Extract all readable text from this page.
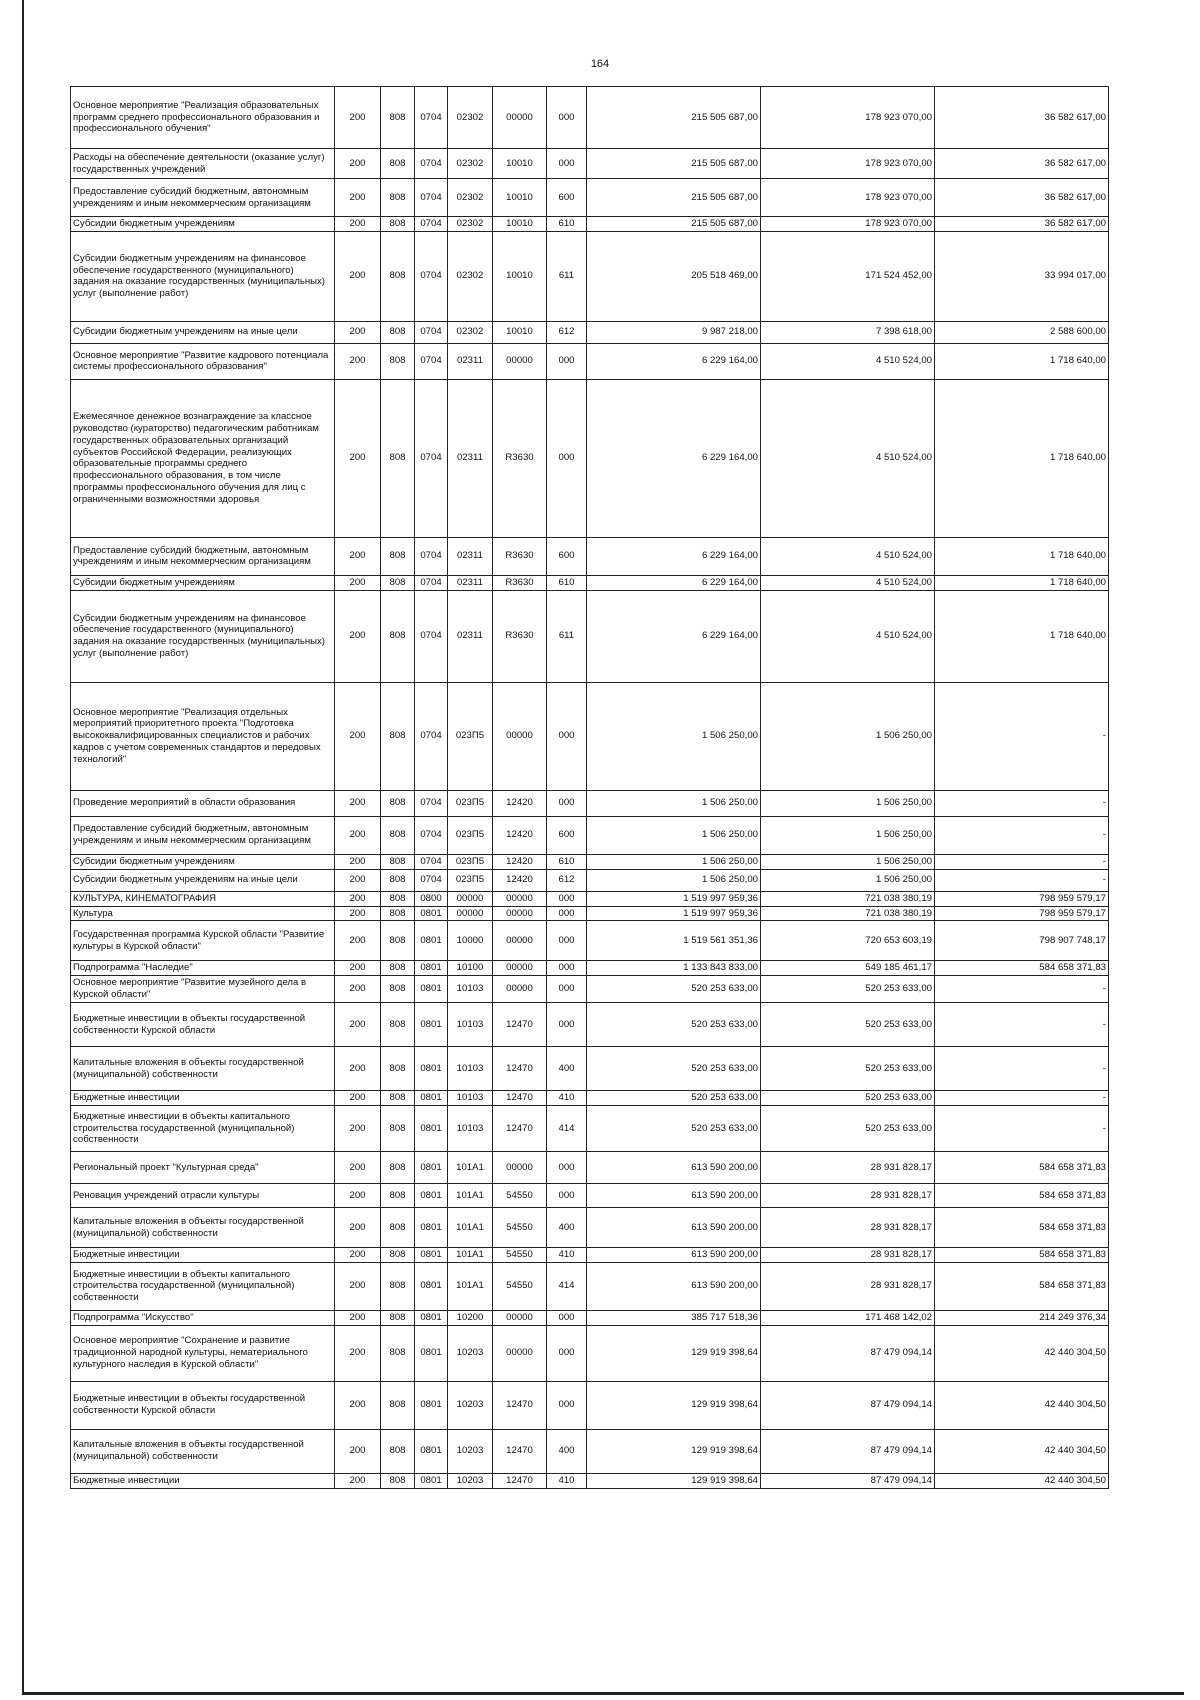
164
Основное мероприятие "Реализация образовательных программ среднего профессионального образования и профессионального обучения"	200	808	0704	02302	00000	000	215 505 687,00	178 923 070,00	36 582 617,00
Расходы на обеспечение деятельности (оказание услуг) государственных учреждений	200	808	0704	02302	10010	000	215 505 687,00	178 923 070,00	36 582 617,00
Предоставление субсидий бюджетным, автономным учреждениям и иным некоммерческим организациям	200	808	0704	02302	10010	600	215 505 687,00	178 923 070,00	36 582 617,00
Субсидии бюджетным учреждениям	200	808	0704	02302	10010	610	215 505 687,00	178 923 070,00	36 582 617,00
Субсидии бюджетным учреждениям на финансовое обеспечение государственного (муниципального) задания на оказание государственных (муниципальных) услуг (выполнение работ)	200	808	0704	02302	10010	611	205 518 469,00	171 524 452,00	33 994 017,00
Субсидии бюджетным учреждениям на иные цели	200	808	0704	02302	10010	612	9 987 218,00	7 398 618,00	2 588 600,00
Основное мероприятие "Развитие кадрового потенциала системы профессионального образования"	200	808	0704	02311	00000	000	6 229 164,00	4 510 524,00	1 718 640,00
Ежемесячное денежное вознаграждение за классное руководство (кураторство) педагогическим работникам государственных образовательных организаций субъектов Российской Федерации, реализующих образовательные программы среднего профессионального образования, в том числе программы профессионального обучения для лиц с ограниченными возможностями здоровья	200	808	0704	02311	R3630	000	6 229 164,00	4 510 524,00	1 718 640,00
Предоставление субсидий бюджетным, автономным учреждениям и иным некоммерческим организациям	200	808	0704	02311	R3630	600	6 229 164,00	4 510 524,00	1 718 640,00
Субсидии бюджетным учреждениям	200	808	0704	02311	R3630	610	6 229 164,00	4 510 524,00	1 718 640,00
Субсидии бюджетным учреждениям на финансовое обеспечение государственного (муниципального) задания на оказание государственных (муниципальных) услуг (выполнение работ)	200	808	0704	02311	R3630	611	6 229 164,00	4 510 524,00	1 718 640,00
Основное мероприятие "Реализация отдельных мероприятий приоритетного проекта "Подготовка высококвалифицированных специалистов и рабочих кадров с учетом современных стандартов и передовых технологий"	200	808	0704	023П5	00000	000	1 506 250,00	1 506 250,00	-
Проведение мероприятий в области образования	200	808	0704	023П5	12420	000	1 506 250,00	1 506 250,00	-
Предоставление субсидий бюджетным, автономным учреждениям и иным некоммерческим организациям	200	808	0704	023П5	12420	600	1 506 250,00	1 506 250,00	-
Субсидии бюджетным учреждениям	200	808	0704	023П5	12420	610	1 506 250,00	1 506 250,00	-
Субсидии бюджетным учреждениям на иные цели	200	808	0704	023П5	12420	612	1 506 250,00	1 506 250,00	-
КУЛЬТУРА, КИНЕМАТОГРАФИЯ	200	808	0800	00000	00000	000	1 519 997 959,36	721 038 380,19	798 959 579,17
Культура	200	808	0801	00000	00000	000	1 519 997 959,36	721 038 380,19	798 959 579,17
Государственная программа Курской области "Развитие культуры в Курской области"	200	808	0801	10000	00000	000	1 519 561 351,36	720 653 603,19	798 907 748,17
Подпрограмма "Наследие"	200	808	0801	10100	00000	000	1 133 843 833,00	549 185 461,17	584 658 371,83
Основное мероприятие "Развитие музейного дела в Курской области"	200	808	0801	10103	00000	000	520 253 633,00	520 253 633,00	-
Бюджетные инвестиции в объекты государственной собственности Курской области	200	808	0801	10103	12470	000	520 253 633,00	520 253 633,00	-
Капитальные вложения в объекты государственной (муниципальной) собственности	200	808	0801	10103	12470	400	520 253 633,00	520 253 633,00	-
Бюджетные инвестиции	200	808	0801	10103	12470	410	520 253 633,00	520 253 633,00	-
Бюджетные инвестиции в объекты капитального строительства государственной (муниципальной) собственности	200	808	0801	10103	12470	414	520 253 633,00	520 253 633,00	-
Региональный проект "Культурная среда"	200	808	0801	101А1	00000	000	613 590 200,00	28 931 828,17	584 658 371,83
Реновация учреждений отрасли культуры	200	808	0801	101А1	54550	000	613 590 200,00	28 931 828,17	584 658 371,83
Капитальные вложения в объекты государственной (муниципальной) собственности	200	808	0801	101А1	54550	400	613 590 200,00	28 931 828,17	584 658 371,83
Бюджетные инвестиции	200	808	0801	101А1	54550	410	613 590 200,00	28 931 828,17	584 658 371,83
Бюджетные инвестиции в объекты капитального строительства государственной (муниципальной) собственности	200	808	0801	101А1	54550	414	613 590 200,00	28 931 828,17	584 658 371,83
Подпрограмма "Искусство"	200	808	0801	10200	00000	000	385 717 518,36	171 468 142,02	214 249 376,34
Основное мероприятие "Сохранение и развитие традиционной народной культуры, нематериального культурного наследия в Курской области"	200	808	0801	10203	00000	000	129 919 398,64	87 479 094,14	42 440 304,50
Бюджетные инвестиции в объекты государственной собственности Курской области	200	808	0801	10203	12470	000	129 919 398,64	87 479 094,14	42 440 304,50
Капитальные вложения в объекты государственной (муниципальной) собственности	200	808	0801	10203	12470	400	129 919 398,64	87 479 094,14	42 440 304,50
Бюджетные инвестиции	200	808	0801	10203	12470	410	129 919 398,64	87 479 094,14	42 440 304,50
